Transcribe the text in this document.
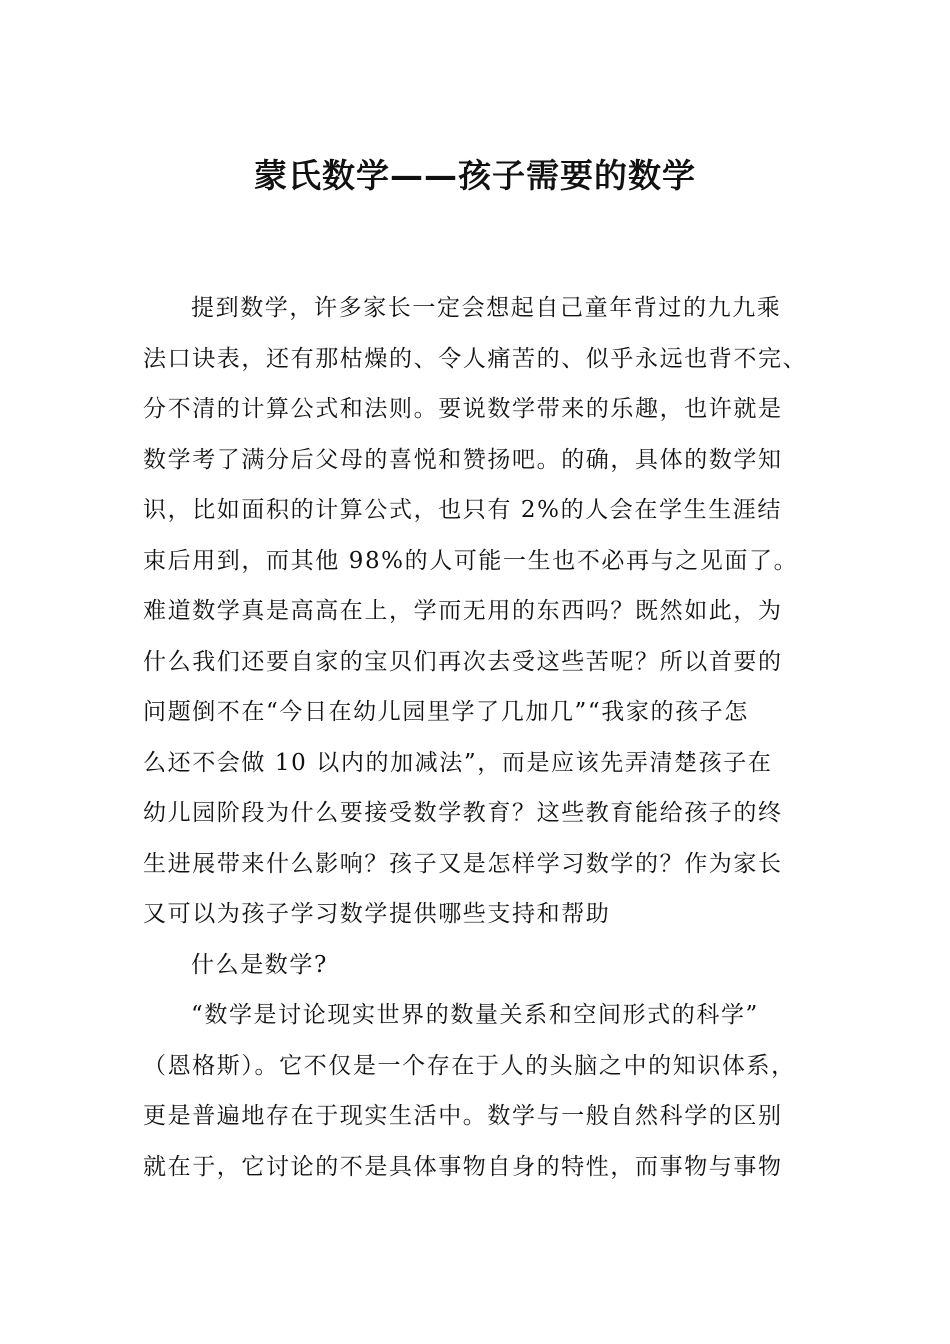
蒙氏数学——孩子需要的数学
提到数学，许多家长一定会想起自己童年背过的九九乘
法口诀表，还有那枯燥的、令人痛苦的、似乎永远也背不完、
分不清的计算公式和法则。要说数学带来的乐趣，也许就是
数学考了满分后父母的喜悦和赞扬吧。的确，具体的数学知
识，比如面积的计算公式，也只有 2%的人会在学生生涯结
束后用到，而其他 98%的人可能一生也不必再与之见面了。
难道数学真是高高在上，学而无用的东西吗？既然如此，为
什么我们还要自家的宝贝们再次去受这些苦呢？所以首要的
问题倒不在“今日在幼儿园里学了几加几”“我家的孩子怎
么还不会做 10 以内的加减法”，而是应该先弄清楚孩子在
幼儿园阶段为什么要接受数学教育？这些教育能给孩子的终
生进展带来什么影响？孩子又是怎样学习数学的？作为家长
又可以为孩子学习数学提供哪些支持和帮助
什么是数学?
“数学是讨论现实世界的数量关系和空间形式的科学”
（恩格斯）。它不仅是一个存在于人的头脑之中的知识体系，
更是普遍地存在于现实生活中。数学与一般自然科学的区别
就在于，它讨论的不是具体事物自身的特性，而事物与事物
